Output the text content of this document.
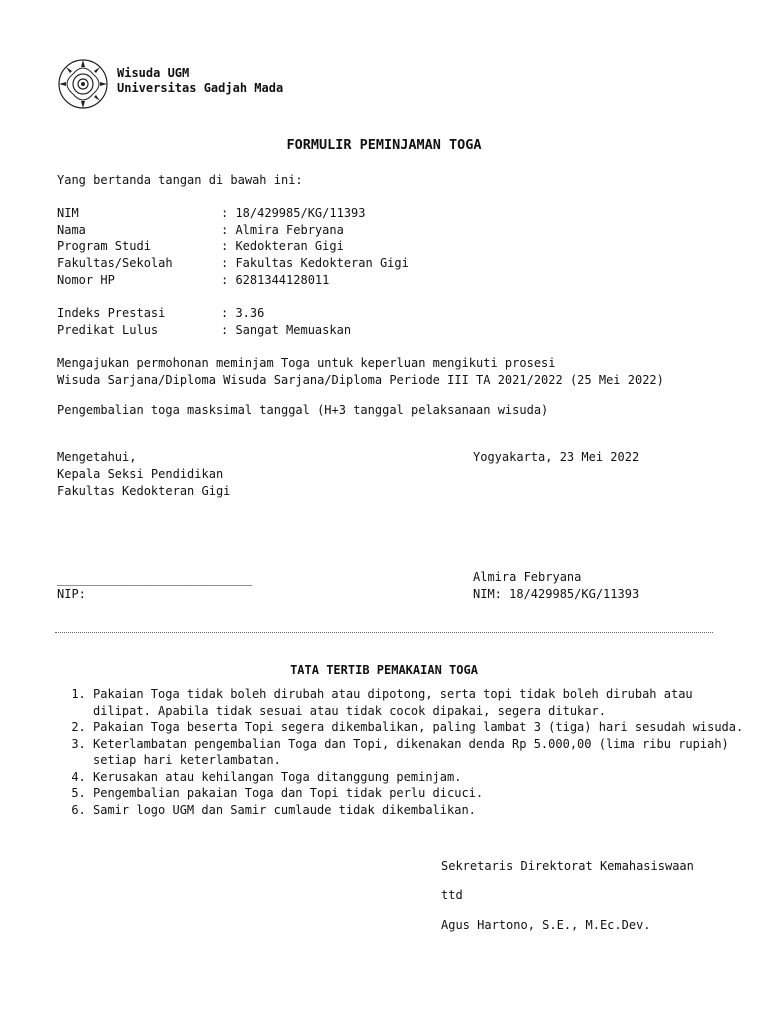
Wisuda UGM
Universitas Gadjah Mada
FORMULIR PEMINJAMAN TOGA
Yang bertanda tangan di bawah ini:
NIM	: 18/429985/KG/11393
Nama	: Almira Febryana
Program Studi	: Kedokteran Gigi
Fakultas/Sekolah	: Fakultas Kedokteran Gigi
Nomor HP	: 6281344128011
Indeks Prestasi	: 3.36
Predikat Lulus	: Sangat Memuaskan
Mengajukan permohonan meminjam Toga untuk keperluan mengikuti prosesi
Wisuda Sarjana/Diploma Wisuda Sarjana/Diploma Periode III TA 2021/2022 (25 Mei 2022)
Pengembalian toga masksimal tanggal (H+3 tanggal pelaksanaan wisuda)
Mengetahui,
Kepala Seksi Pendidikan
Fakultas Kedokteran Gigi
___________________________
NIP:
Yogyakarta, 23 Mei 2022
Almira Febryana
NIM: 18/429985/KG/11393
TATA TERTIB PEMAKAIAN TOGA
1. Pakaian Toga tidak boleh dirubah atau dipotong, serta topi tidak boleh dirubah atau dilipat. Apabila tidak sesuai atau tidak cocok dipakai, segera ditukar.
2. Pakaian Toga beserta Topi segera dikembalikan, paling lambat 3 (tiga) hari sesudah wisuda.
3. Keterlambatan pengembalian Toga dan Topi, dikenakan denda Rp 5.000,00 (lima ribu rupiah) setiap hari keterlambatan.
4. Kerusakan atau kehilangan Toga ditanggung peminjam.
5. Pengembalian pakaian Toga dan Topi tidak perlu dicuci.
6. Samir logo UGM dan Samir cumlaude tidak dikembalikan.
Sekretaris Direktorat Kemahasiswaan
ttd
Agus Hartono, S.E., M.Ec.Dev.
